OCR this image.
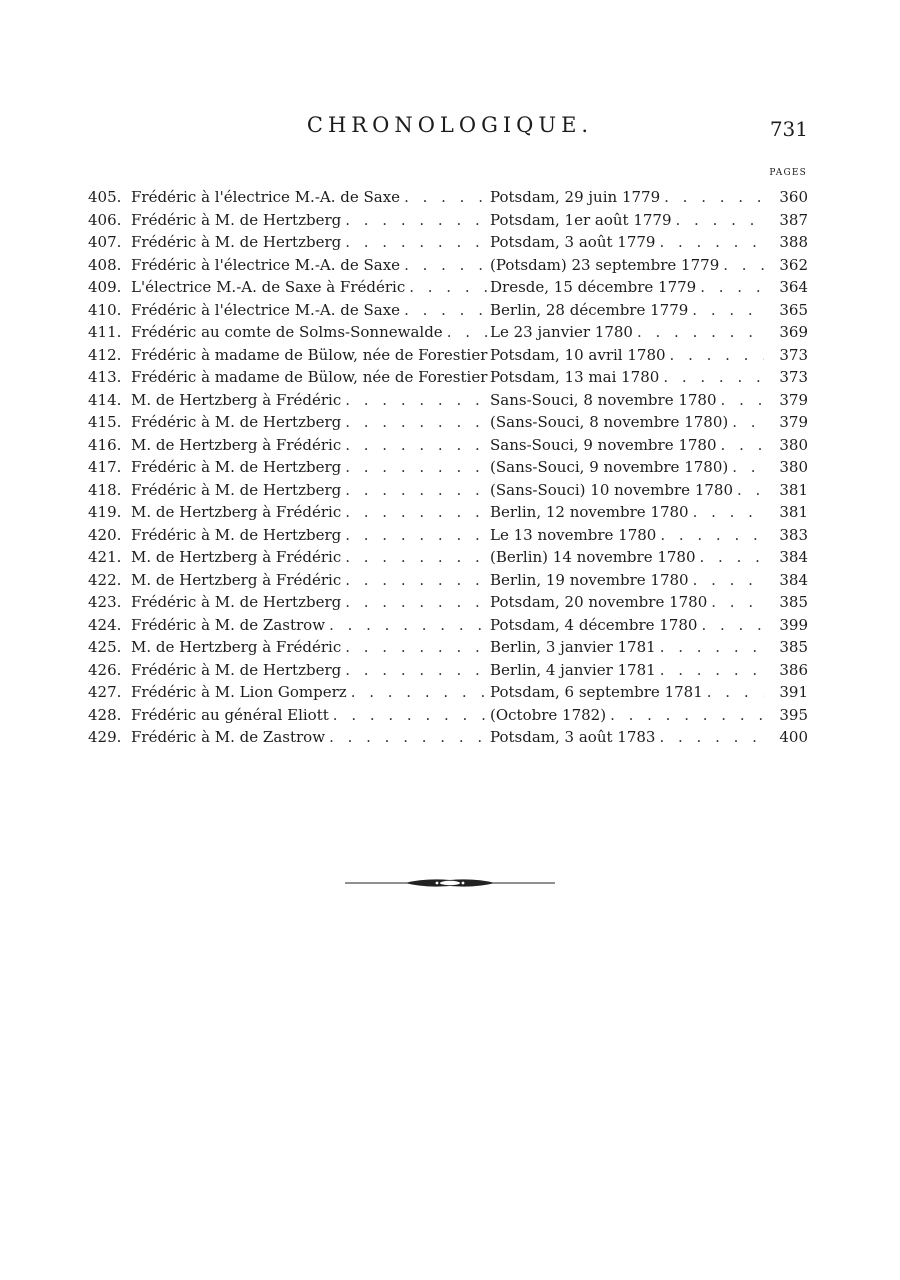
CHRONOLOGIQUE.	731
PAGES
405. Frédéric à l'électrice M.-A. de Saxe . . .	Potsdam, 29 juin 1779 . . .	360
406. Frédéric à M. de Hertzberg . . .	Potsdam, 1er août 1779 . . .	387
407. Frédéric à M. de Hertzberg . . .	Potsdam, 3 août 1779 . . .	388
408. Frédéric à l'électrice M.-A. de Saxe . . .	(Potsdam) 23 septembre 1779 . . .	362
409. L'électrice M.-A. de Saxe à Frédéric . . .	Dresde, 15 décembre 1779 . . .	364
410. Frédéric à l'électrice M.-A. de Saxe . . .	Berlin, 28 décembre 1779 . . .	365
411. Frédéric au comte de Solms-Sonnewalde . . .	Le 23 janvier 1780 . . .	369
412. Frédéric à madame de Bülow, née de Forestier Potsdam, 10 avril 1780 . . .	373
413. Frédéric à madame de Bülow, née de Forestier Potsdam, 13 mai 1780 . . .	373
414. M. de Hertzberg à Frédéric . . .	Sans-Souci, 8 novembre 1780 . . .	379
415. Frédéric à M. de Hertzberg . . .	(Sans-Souci, 8 novembre 1780) . . .	379
416. M. de Hertzberg à Frédéric . . .	Sans-Souci, 9 novembre 1780 . . .	380
417. Frédéric à M. de Hertzberg . . .	(Sans-Souci, 9 novembre 1780) . . .	380
418. Frédéric à M. de Hertzberg . . .	(Sans-Souci) 10 novembre 1780 . . .	381
419. M. de Hertzberg à Frédéric . . .	Berlin, 12 novembre 1780 . . .	381
420. Frédéric à M. de Hertzberg . . .	Le 13 novembre 1780 . . .	383
421. M. de Hertzberg à Frédéric . . .	(Berlin) 14 novembre 1780 . . .	384
422. M. de Hertzberg à Frédéric . . .	Berlin, 19 novembre 1780 . . .	384
423. Frédéric à M. de Hertzberg . . .	Potsdam, 20 novembre 1780 . . .	385
424. Frédéric à M. de Zastrow . . .	Potsdam, 4 décembre 1780 . . .	399
425. M. de Hertzberg à Frédéric . . .	Berlin, 3 janvier 1781 . . .	385
426. Frédéric à M. de Hertzberg . . .	Berlin, 4 janvier 1781 . . .	386
427. Frédéric à M. Lion Gomperz . . .	Potsdam, 6 septembre 1781 . . .	391
428. Frédéric au général Eliott . . .	(Octobre 1782) . . .	395
429. Frédéric à M. de Zastrow . . .	Potsdam, 3 août 1783 . . .	400
